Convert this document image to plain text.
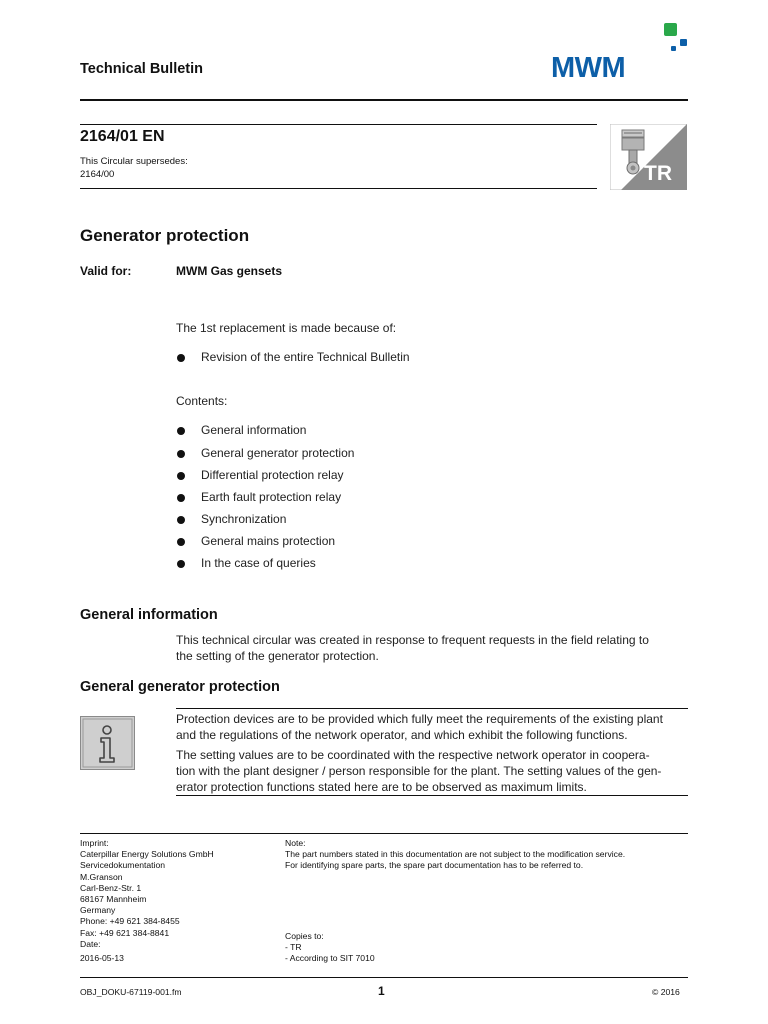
Technical Bulletin	MWM
2164/01 EN
This Circular supersedes:
2164/00	TR
Generator protection
Valid for:	MWM Gas gensets
The 1st replacement is made because of:
Revision of the entire Technical Bulletin
Contents:
General information
General generator protection
Differential protection relay
Earth fault protection relay
Synchronization
General mains protection
In the case of queries
General information
This technical circular was created in response to frequent requests in the field relating to
the setting of the generator protection.
General generator protection
Protection devices are to be provided which fully meet the requirements of the existing plant
and the regulations of the network operator, and which exhibit the following functions.
The setting values are to be coordinated with the respective network operator in coopera-
tion with the plant designer / person responsible for the plant. The setting values of the gen-
erator protection functions stated here are to be observed as maximum limits.
Imprint:
Caterpillar Energy Solutions GmbH
Servicedokumentation
M.Granson
Carl-Benz-Str. 1
68167 Mannheim
Germany
Phone: +49 621 384-8455
Fax: +49 621 384-8841
Date:
2016-05-13
Note:
The part numbers stated in this documentation are not subject to the modification service.
For identifying spare parts, the spare part documentation has to be referred to.
Copies to:
- TR
- According to SIT 7010
OBJ_DOKU-67119-001.fm	1	© 2016
